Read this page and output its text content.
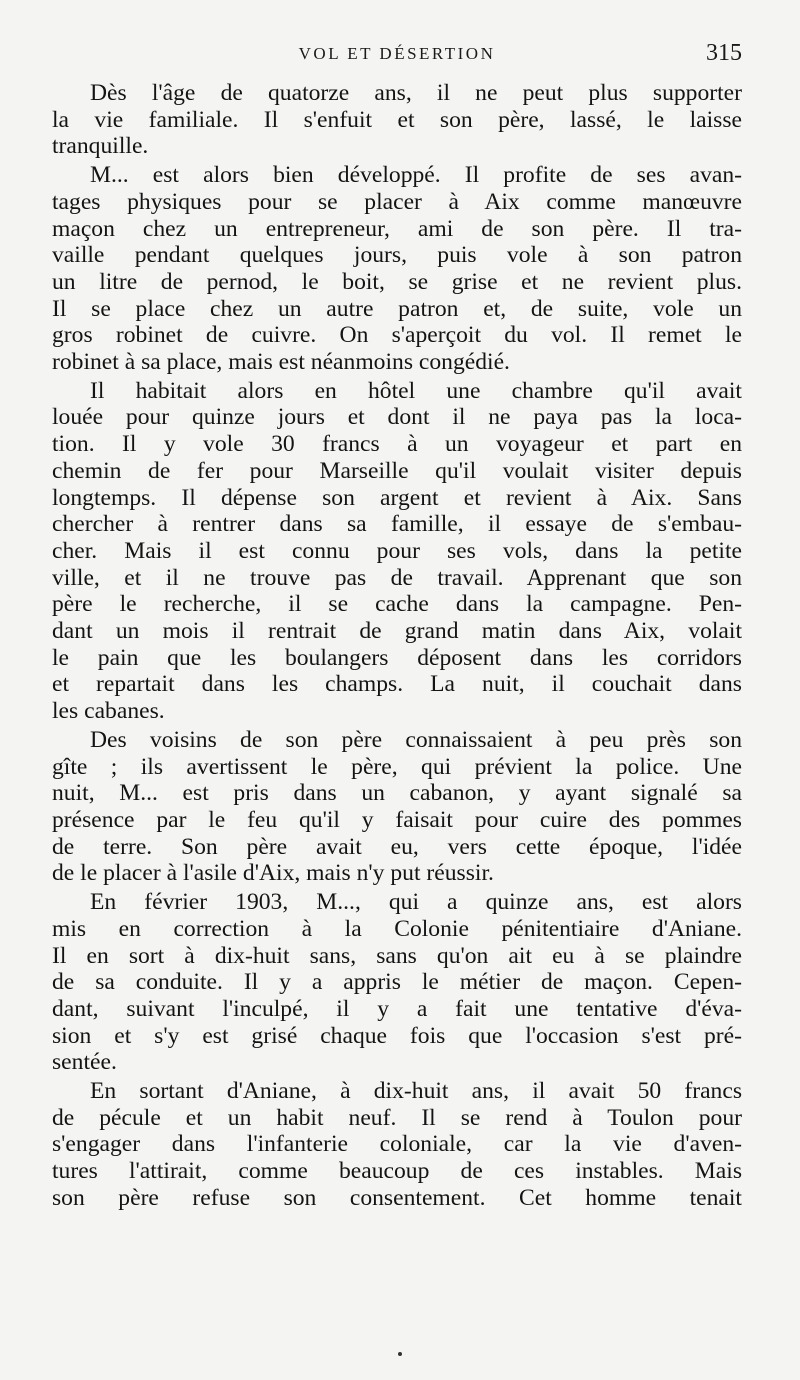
VOL ET DÉSERTION	315
Dès l'âge de quatorze ans, il ne peut plus supporter
la vie familiale. Il s'enfuit et son père, lassé, le laisse
tranquille.
M... est alors bien développé. Il profite de ses avan-
tages physiques pour se placer à Aix comme manœuvre
maçon chez un entrepreneur, ami de son père. Il tra-
vaille pendant quelques jours, puis vole à son patron
un litre de pernod, le boit, se grise et ne revient plus.
Il se place chez un autre patron et, de suite, vole un
gros robinet de cuivre. On s'aperçoit du vol. Il remet le
robinet à sa place, mais est néanmoins congédié.
Il habitait alors en hôtel une chambre qu'il avait
louée pour quinze jours et dont il ne paya pas la loca-
tion. Il y vole 30 francs à un voyageur et part en
chemin de fer pour Marseille qu'il voulait visiter depuis
longtemps. Il dépense son argent et revient à Aix. Sans
chercher à rentrer dans sa famille, il essaye de s'embau-
cher. Mais il est connu pour ses vols, dans la petite
ville, et il ne trouve pas de travail. Apprenant que son
père le recherche, il se cache dans la campagne. Pen-
dant un mois il rentrait de grand matin dans Aix, volait
le pain que les boulangers déposent dans les corridors
et repartait dans les champs. La nuit, il couchait dans
les cabanes.
Des voisins de son père connaissaient à peu près son
gîte ; ils avertissent le père, qui prévient la police. Une
nuit, M... est pris dans un cabanon, y ayant signalé sa
présence par le feu qu'il y faisait pour cuire des pommes
de terre. Son père avait eu, vers cette époque, l'idée
de le placer à l'asile d'Aix, mais n'y put réussir.
En février 1903, M..., qui a quinze ans, est alors
mis en correction à la Colonie pénitentiaire d'Aniane.
Il en sort à dix-huit sans, sans qu'on ait eu à se plaindre
de sa conduite. Il y a appris le métier de maçon. Cepen-
dant, suivant l'inculpé, il y a fait une tentative d'éva-
sion et s'y est grisé chaque fois que l'occasion s'est pré-
sentée.
En sortant d'Aniane, à dix-huit ans, il avait 50 francs
de pécule et un habit neuf. Il se rend à Toulon pour
s'engager dans l'infanterie coloniale, car la vie d'aven-
tures l'attirait, comme beaucoup de ces instables. Mais
son père refuse son consentement. Cet homme tenait
